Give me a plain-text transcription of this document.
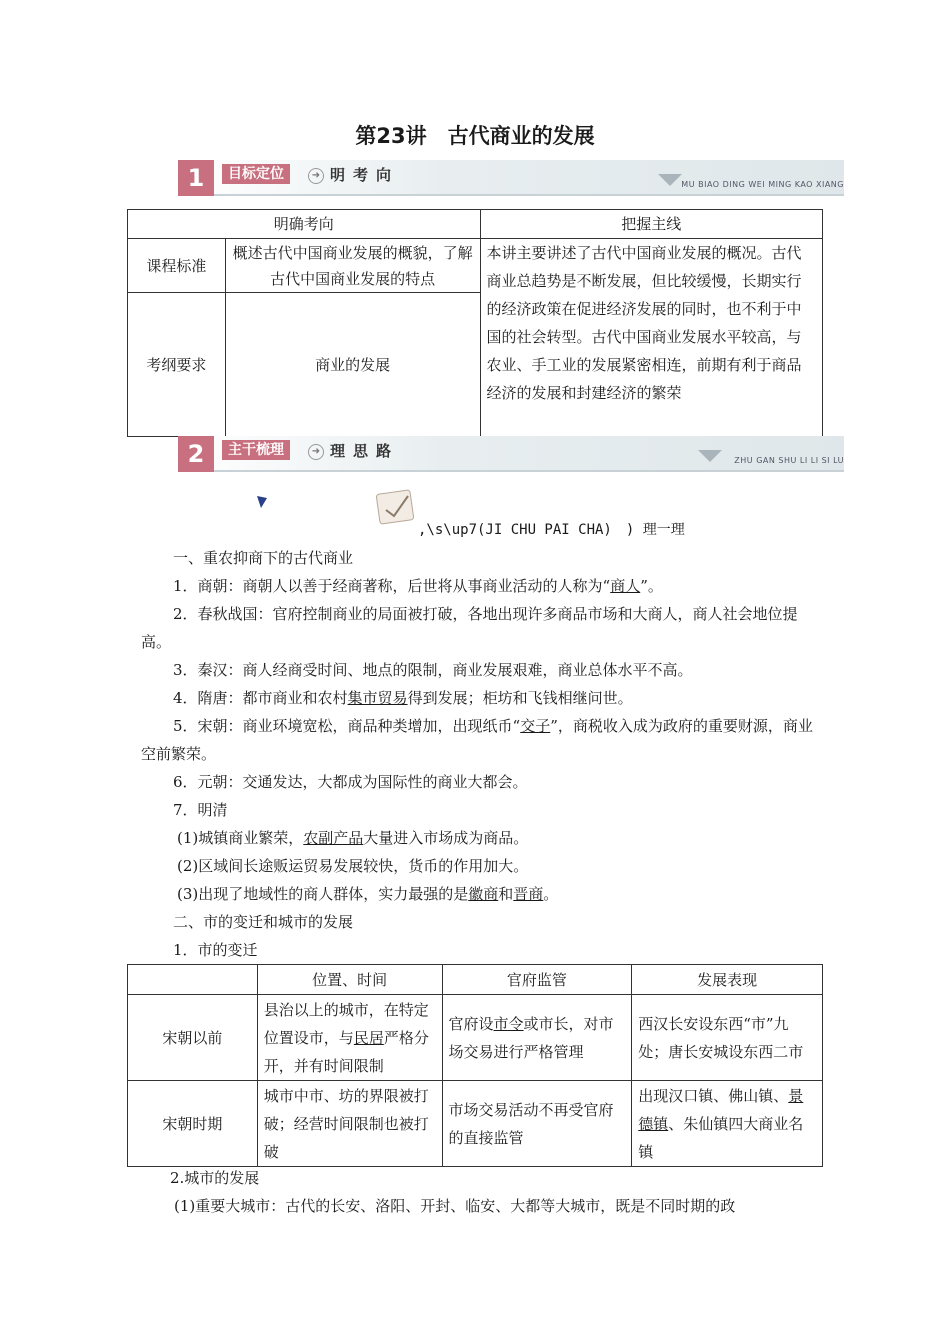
第23讲　古代商业的发展
1	目标定位	➜ 明考向
MU BIAO DING WEI MING KAO XIANG
明确考向		把握主线
课程标准	概述古代中国商业发展的概貌，了解古代中国商业发展的特点	本讲主要讲述了古代中国商业发展的概况。古代商业总趋势是不断发展，但比较缓慢，长期实行的经济政策在促进经济发展的同时，也不利于中国的社会转型。古代中国商业发展水平较高，与农业、手工业的发展紧密相连，前期有利于商品经济的发展和封建经济的繁荣
考纲要求	商业的发展	
2	主干梳理	➜ 理思路
ZHU GAN SHU LI LI SI LU
,\s\up7(JI CHU PAI CHA)　) 理一理
一、重农抑商下的古代商业
1．商朝：商朝人以善于经商著称，后世将从事商业活动的人称为“商人”。
2．春秋战国：官府控制商业的局面被打破，各地出现许多商品市场和大商人，商人社会地位提高。
3．秦汉：商人经商受时间、地点的限制，商业发展艰难，商业总体水平不高。
4．隋唐：都市商业和农村集市贸易得到发展；柜坊和飞钱相继问世。
5．宋朝：商业环境宽松，商品种类增加，出现纸币“交子”，商税收入成为政府的重要财源，商业空前繁荣。
6．元朝：交通发达，大都成为国际性的商业大都会。
7．明清
(1)城镇商业繁荣，农副产品大量进入市场成为商品。
(2)区域间长途贩运贸易发展较快，货币的作用加大。
(3)出现了地域性的商人群体，实力最强的是徽商和晋商。
二、市的变迁和城市的发展
1．市的变迁
	位置、时间	官府监管	发展表现
宋朝以前	县治以上的城市，在特定位置设市，与民居严格分开，并有时间限制	官府设市令或市长，对市场交易进行严格管理	西汉长安设东西“市”九处；唐长安城设东西二市
宋朝时期	城市中市、坊的界限被打破；经营时间限制也被打破	市场交易活动不再受官府的直接监管	出现汉口镇、佛山镇、景德镇、朱仙镇四大商业名镇
2.城市的发展
(1)重要大城市：古代的长安、洛阳、开封、临安、大都等大城市，既是不同时期的政
